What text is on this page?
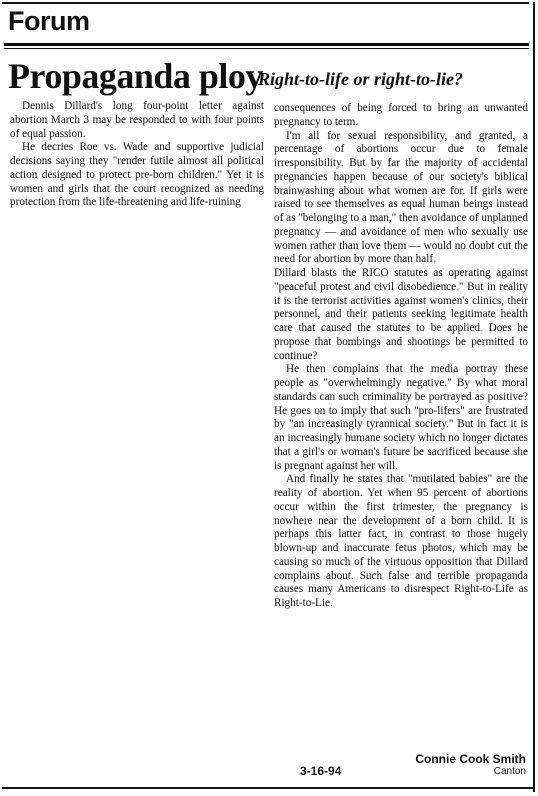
Forum
Propaganda ploy
Right-to-life or right-to-lie?

Dennis Dillard's long four-point letter against abortion March 3 may be responded to with four points of equal passion.

He decries Roe vs. Wade and supportive judicial decisions saying they "render futile almost all political action designed to protect pre-born children." Yet it is women and girls that the court recognized as needing protection from the life-threatening and life-ruining

consequences of being forced to bring an unwanted pregnancy to term.

I'm all for sexual responsibility, and granted, a percentage of abortions occur due to female irresponsibility. But by far the majority of accidental pregnancies happen because of our society's biblical brainwashing about what women are for. If girls were raised to see themselves as equal human beings instead of as "belonging to a man," then avoidance of unplanned pregnancy — and avoidance of men who sexually use women rather than love them — would no doubt cut the need for abortion by more than half.

Dillard blasts the RICO statutes as operating against "peaceful protest and civil disobedience." But in reality it is the terrorist activities against women's clinics, their personnel, and their patients seeking legitimate health care that caused the statutes to be applied. Does he propose that bombings and shootings be permitted to continue?

He then complains that the media portray these people as "overwhelmingly negative." By what moral standards can such criminality be portrayed as positive? He goes on to imply that such "pro-lifers" are frustrated by "an increasingly tyrannical society." But in fact it is an increasingly humane society which no longer dictates that a girl's or woman's future be sacrificed because she is pregnant against her will.

And finally he states that "mutilated babies" are the reality of abortion. Yet when 95 percent of abortions occur within the first trimester, the pregnancy is nowhere near the development of a born child. It is perhaps this latter fact, in contrast to those hugely blown-up and inaccurate fetus photos, which may be causing so much of the virtuous opposition that Dillard complains about. Such false and terrible propaganda causes many Americans to disrespect Right-to-Life as Right-to-Lie.

3-16-94
Connie Cook Smith
Canton
